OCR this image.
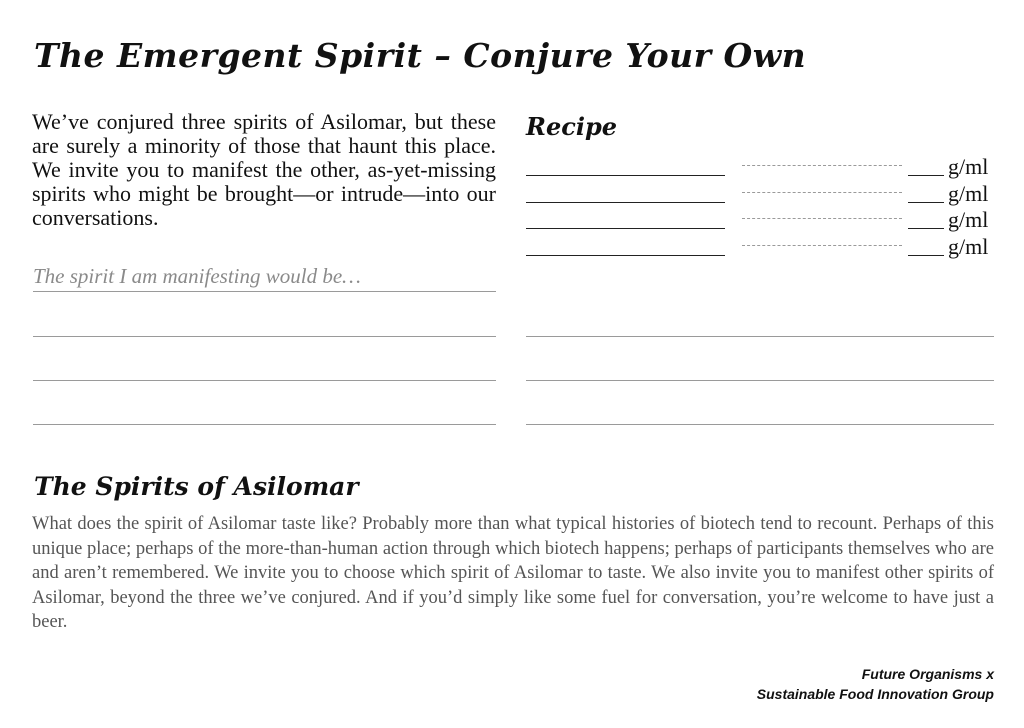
The Emergent Spirit – Conjure Your Own
We’ve conjured three spirits of Asilomar, but these are surely a minority of those that haunt this place. We invite you to manifest the other, as-yet-missing spirits who might be brought—or intrude—into our conversations.
The spirit I am manifesting would be…
Recipe
g/ml
g/ml
g/ml
g/ml
The Spirits of Asilomar
What does the spirit of Asilomar taste like? Probably more than what typical histories of biotech tend to recount. Perhaps of this unique place; perhaps of the more-than-human action through which biotech happens; perhaps of participants themselves who are and aren’t remembered. We invite you to choose which spirit of Asilomar to taste. We also invite you to manifest other spirits of Asilomar, beyond the three we’ve conjured. And if you’d simply like some fuel for conversation, you’re welcome to have just a beer.
Future Organisms x
Sustainable Food Innovation Group
